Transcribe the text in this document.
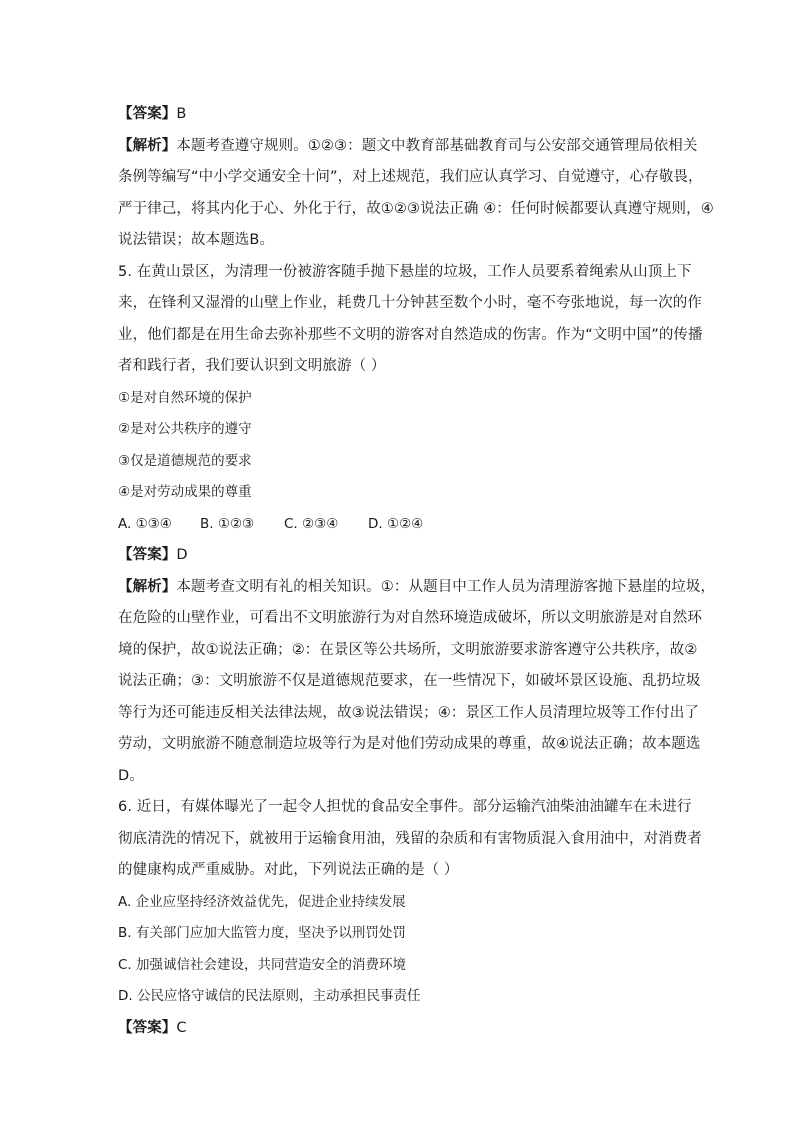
【答案】B
【解析】本题考查遵守规则。①②③：题文中教育部基础教育司与公安部交通管理局依相关
条例等编写“中小学交通安全十问”，对上述规范，我们应认真学习、自觉遵守，心存敬畏，
严于律己，将其内化于心、外化于行，故①②③说法正确 ④：任何时候都要认真遵守规则，④
说法错误；故本题选B。
5. 在黄山景区，为清理一份被游客随手抛下悬崖的垃圾，工作人员要系着绳索从山顶上下
来，在锋利又湿滑的山壁上作业，耗费几十分钟甚至数个小时，毫不夸张地说，每一次的作
业，他们都是在用生命去弥补那些不文明的游客对自然造成的伤害。作为“文明中国”的传播
者和践行者，我们要认识到文明旅游（ ）
①是对自然环境的保护
②是对公共秩序的遵守
③仅是道德规范的要求
④是对劳动成果的尊重
A. ①③④	B. ①②③	C. ②③④	D. ①②④
【答案】D
【解析】本题考查文明有礼的相关知识。①：从题目中工作人员为清理游客抛下悬崖的垃圾，
在危险的山壁作业，可看出不文明旅游行为对自然环境造成破坏，所以文明旅游是对自然环
境的保护，故①说法正确；②：在景区等公共场所，文明旅游要求游客遵守公共秩序，故②
说法正确；③：文明旅游不仅是道德规范要求，在一些情况下，如破坏景区设施、乱扔垃圾
等行为还可能违反相关法律法规，故③说法错误；④：景区工作人员清理垃圾等工作付出了
劳动，文明旅游不随意制造垃圾等行为是对他们劳动成果的尊重，故④说法正确；故本题选
D。
6. 近日，有媒体曝光了一起令人担忧的食品安全事件。部分运输汽油柴油油罐车在未进行
彻底清洗的情况下，就被用于运输食用油，残留的杂质和有害物质混入食用油中，对消费者
的健康构成严重威胁。对此，下列说法正确的是（ ）
A. 企业应坚持经济效益优先，促进企业持续发展
B. 有关部门应加大监管力度，坚决予以刑罚处罚
C. 加强诚信社会建设，共同营造安全的消费环境
D. 公民应恪守诚信的民法原则，主动承担民事责任
【答案】C
